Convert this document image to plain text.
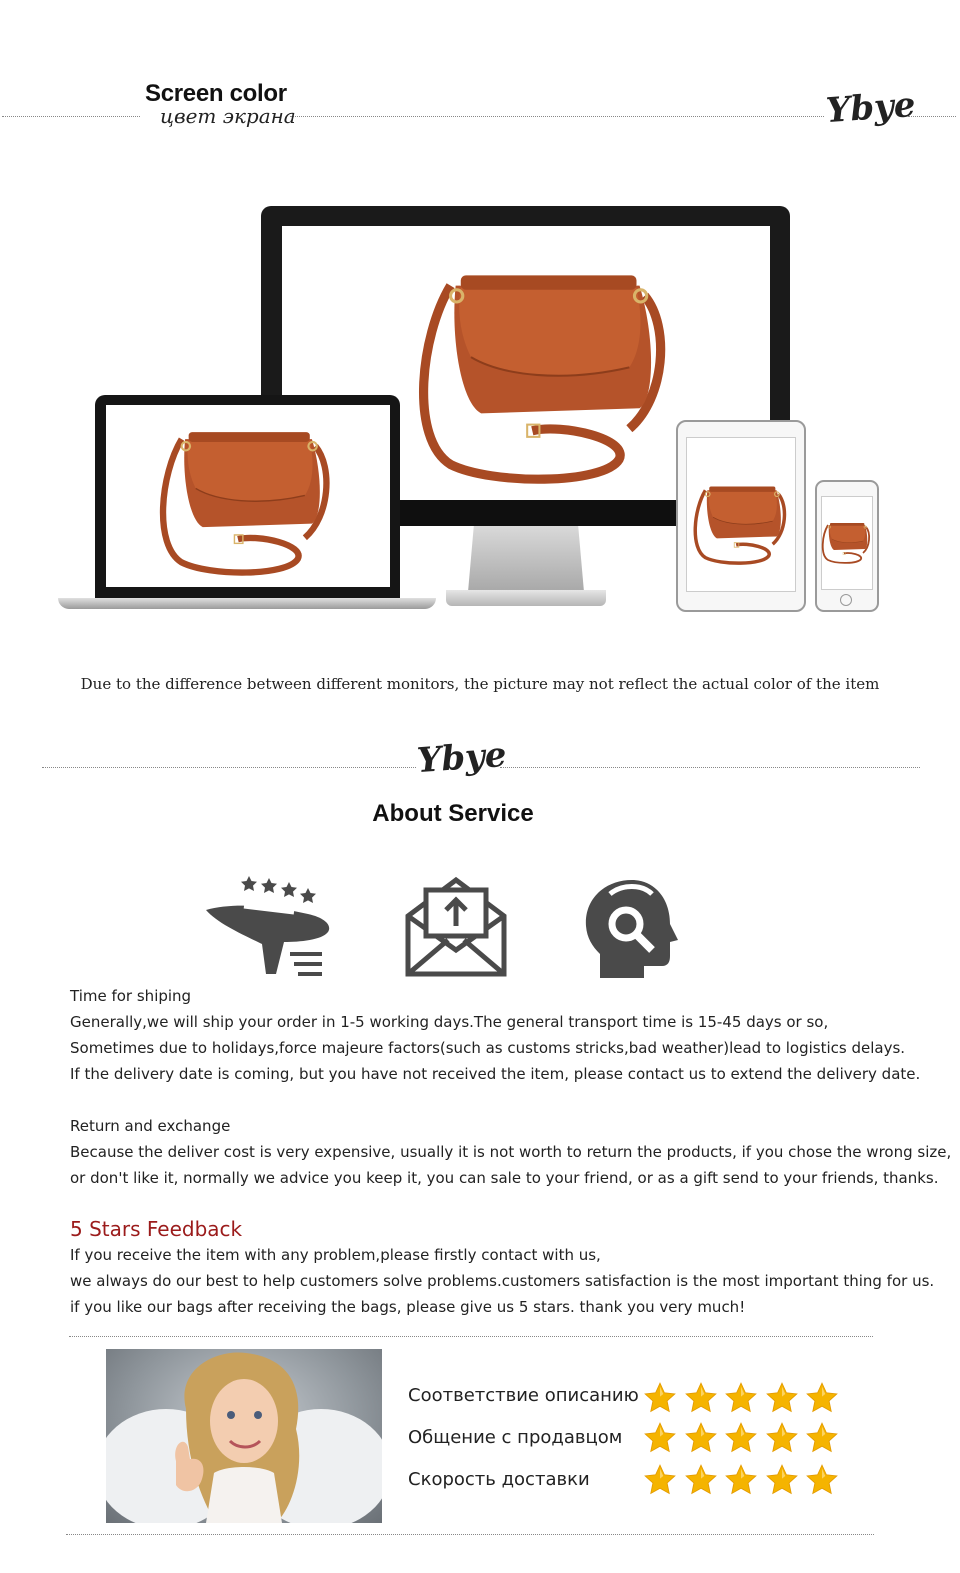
Screen color
цвет экрана	Ybye
Due to the difference between different monitors, the picture may not reflect the actual color of the item
Ybye
About Service
Time for shiping
Generally,we will ship your order in 1-5 working days.The general transport time is 15-45 days or so,
Sometimes due to holidays,force majeure factors(such as customs stricks,bad weather)lead to logistics delays.
If the delivery date is coming, but you have not received the item, please contact us to extend the delivery date.
Return and exchange
Because the deliver cost is very expensive, usually it is not worth to return the products, if you chose the wrong size,
or don't like it, normally we advice you keep it, you can sale to your friend, or as a gift send to your friends, thanks.
5 Stars Feedback
If you receive the item with any problem,please firstly contact with us,
we always do our best to help customers solve problems.customers satisfaction is the most important thing for us.
if you like our bags after receiving the bags, please give us 5 stars. thank you very much!
Соответствие описанию
Общение с продавцом
Скорость доставки
